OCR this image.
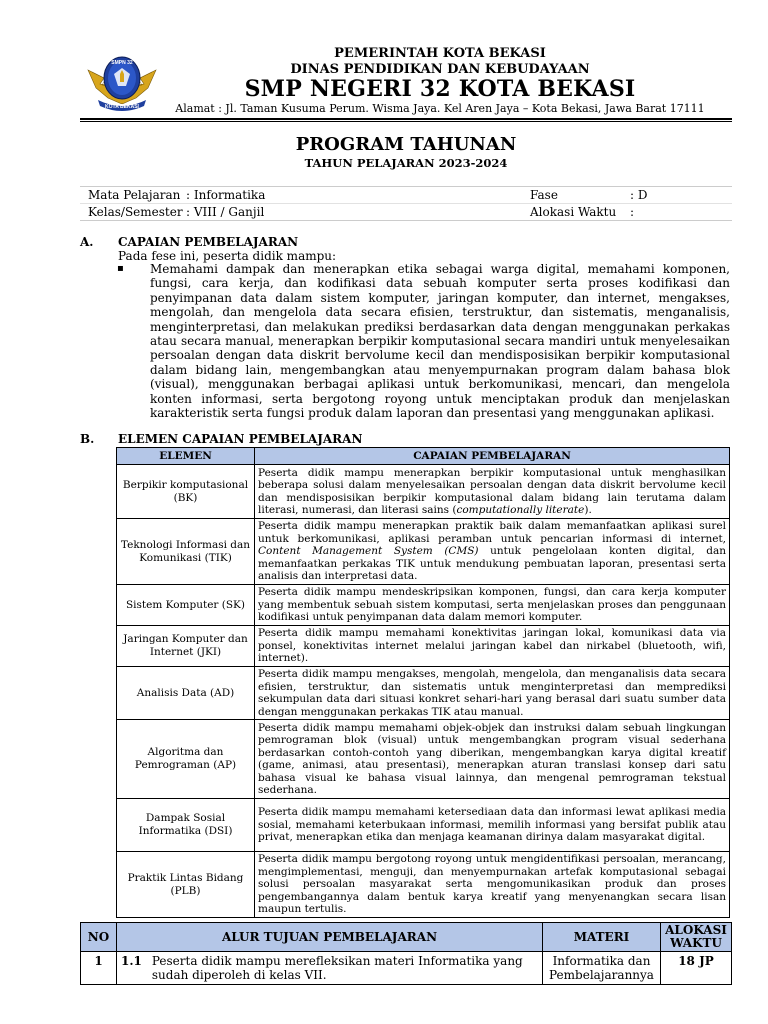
SMPN 32
KOTA BEKASI
PEMERINTAH KOTA BEKASI
DINAS PENDIDIKAN DAN KEBUDAYAAN
SMP NEGERI 32 KOTA BEKASI
Alamat : Jl. Taman Kusuma Perum. Wisma Jaya. Kel Aren Jaya – Kota Bekasi, Jawa Barat 17111
PROGRAM TAHUNAN
TAHUN PELAJARAN 2023-2024
Mata Pelajaran : Informatika	Fase	: D
Kelas/Semester : VIII / Ganjil	Alokasi Waktu :
A. CAPAIAN PEMBELAJARAN
Pada fese ini, peserta didik mampu:
▪ Memahami dampak dan menerapkan etika sebagai warga digital, memahami komponen, fungsi, cara kerja, dan kodifikasi data sebuah komputer serta proses kodifikasi dan penyimpanan data dalam sistem komputer, jaringan komputer, dan internet, mengakses, mengolah, dan mengelola data secara efisien, terstruktur, dan sistematis, menganalisis, menginterpretasi, dan melakukan prediksi berdasarkan data dengan menggunakan perkakas atau secara manual, menerapkan berpikir komputasional secara mandiri untuk menyelesaikan persoalan dengan data diskrit bervolume kecil dan mendisposisikan berpikir komputasional dalam bidang lain, mengembangkan atau menyempurnakan program dalam bahasa blok (visual), menggunakan berbagai aplikasi untuk berkomunikasi, mencari, dan mengelola konten informasi, serta bergotong royong untuk menciptakan produk dan menjelaskan karakteristik serta fungsi produk dalam laporan dan presentasi yang menggunakan aplikasi.
B. ELEMEN CAPAIAN PEMBELAJARAN
ELEMEN	CAPAIAN PEMBELAJARAN
Berpikir komputasional (BK)	Peserta didik mampu menerapkan berpikir komputasional untuk menghasilkan beberapa solusi dalam menyelesaikan persoalan dengan data diskrit bervolume kecil dan mendisposisikan berpikir komputasional dalam bidang lain terutama dalam literasi, numerasi, dan literasi sains (computationally literate).

Teknologi Informasi dan Komunikasi (TIK)	Peserta didik mampu menerapkan praktik baik dalam memanfaatkan aplikasi surel untuk berkomunikasi, aplikasi peramban untuk pencarian informasi di internet, Content Management System (CMS) untuk pengelolaan konten digital, dan memanfaatkan perkakas TIK untuk mendukung pembuatan laporan, presentasi serta analisis dan interpretasi data.

Sistem Komputer (SK)	Peserta didik mampu mendeskripsikan komponen, fungsi, dan cara kerja komputer yang membentuk sebuah sistem komputasi, serta menjelaskan proses dan penggunaan kodifikasi untuk penyimpanan data dalam memori komputer.

Jaringan Komputer dan Internet (JKI)	Peserta didik mampu memahami konektivitas jaringan lokal, komunikasi data via ponsel, konektivitas internet melalui jaringan kabel dan nirkabel (bluetooth, wifi, internet).

Analisis Data (AD)	Peserta didik mampu mengakses, mengolah, mengelola, dan menganalisis data secara efisien, terstruktur, dan sistematis untuk menginterpretasi dan memprediksi sekumpulan data dari situasi konkret sehari-hari yang berasal dari suatu sumber data dengan menggunakan perkakas TIK atau manual.

Algoritma dan Pemrograman (AP)	Peserta didik mampu memahami objek-objek dan instruksi dalam sebuah lingkungan pemrograman blok (visual) untuk mengembangkan program visual sederhana berdasarkan contoh-contoh yang diberikan, mengembangkan karya digital kreatif (game, animasi, atau presentasi), menerapkan aturan translasi konsep dari satu bahasa visual ke bahasa visual lainnya, dan mengenal pemrograman tekstual sederhana.

Dampak Sosial Informatika (DSI)	Peserta didik mampu memahami ketersediaan data dan informasi lewat aplikasi media sosial, memahami keterbukaan informasi, memilih informasi yang bersifat publik atau privat, menerapkan etika dan menjaga keamanan dirinya dalam masyarakat digital.

Praktik Lintas Bidang (PLB)	Peserta didik mampu bergotong royong untuk mengidentifikasi persoalan, merancang, mengimplementasi, menguji, dan menyempurnakan artefak komputasional sebagai solusi persoalan masyarakat serta mengomunikasikan produk dan proses pengembangannya dalam bentuk karya kreatif yang menyenangkan secara lisan maupun tertulis.
NO	ALUR TUJUAN PEMBELAJARAN	MATERI	ALOKASI WAKTU
1	1.1 Peserta didik mampu merefleksikan materi Informatika yang sudah diperoleh di kelas VII.	Informatika dan Pembelajarannya	18 JP
